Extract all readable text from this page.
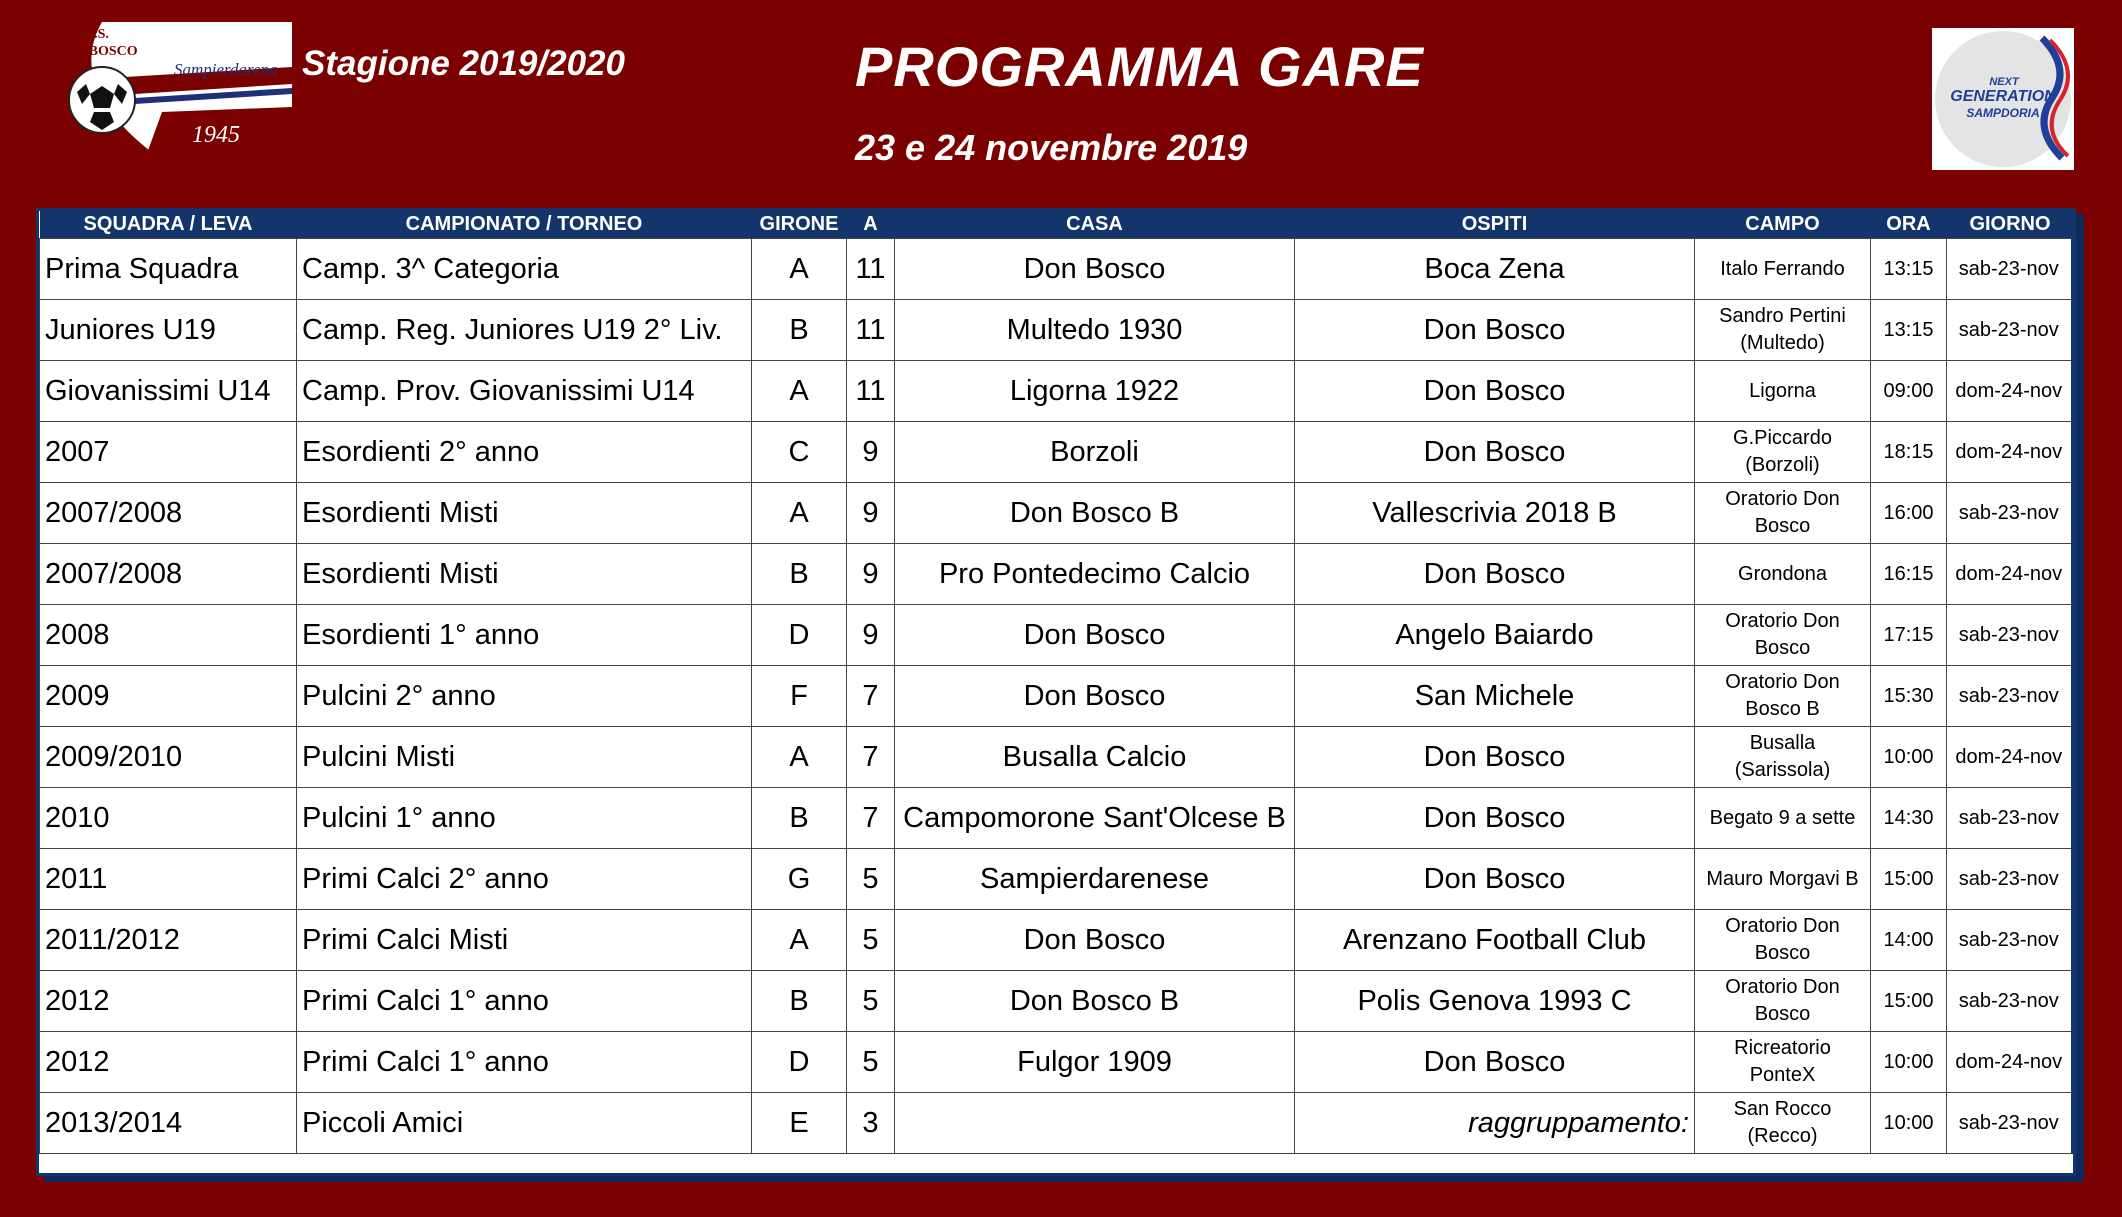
U.S.
DON BOSCO
Sampierdarena
1945
Stagione 2019/2020	PROGRAMMA GARE
23 e 24 novembre 2019
NEXT
GENERATION
SAMPDORIA
SQUADRA / LEVA	CAMPIONATO / TORNEO	GIRONE	A	CASA	OSPITI	CAMPO	ORA	GIORNO
Prima Squadra	Camp. 3^ Categoria	A	11	Don Bosco	Boca Zena	Italo Ferrando	13:15	sab-23-nov
Juniores U19	Camp. Reg. Juniores U19 2° Liv.	B	11	Multedo 1930	Don Bosco	Sandro Pertini (Multedo)	13:15	sab-23-nov
Giovanissimi U14	Camp. Prov. Giovanissimi U14	A	11	Ligorna 1922	Don Bosco	Ligorna	09:00	dom-24-nov
2007	Esordienti 2° anno	C	9	Borzoli	Don Bosco	G.Piccardo (Borzoli)	18:15	dom-24-nov
2007/2008	Esordienti Misti	A	9	Don Bosco B	Vallescrivia 2018 B	Oratorio Don Bosco	16:00	sab-23-nov
2007/2008	Esordienti Misti	B	9	Pro Pontedecimo Calcio	Don Bosco	Grondona	16:15	dom-24-nov
2008	Esordienti 1° anno	D	9	Don Bosco	Angelo Baiardo	Oratorio Don Bosco	17:15	sab-23-nov
2009	Pulcini 2° anno	F	7	Don Bosco	San Michele	Oratorio Don Bosco B	15:30	sab-23-nov
2009/2010	Pulcini Misti	A	7	Busalla Calcio	Don Bosco	Busalla (Sarissola)	10:00	dom-24-nov
2010	Pulcini 1° anno	B	7	Campomorone Sant'Olcese B	Don Bosco	Begato 9 a sette	14:30	sab-23-nov
2011	Primi Calci 2° anno	G	5	Sampierdarenese	Don Bosco	Mauro Morgavi B	15:00	sab-23-nov
2011/2012	Primi Calci Misti	A	5	Don Bosco	Arenzano Football Club	Oratorio Don Bosco	14:00	sab-23-nov
2012	Primi Calci 1° anno	B	5	Don Bosco B	Polis Genova 1993 C	Oratorio Don Bosco	15:00	sab-23-nov
2012	Primi Calci 1° anno	D	5	Fulgor 1909	Don Bosco	Ricreatorio PonteX	10:00	dom-24-nov
2013/2014	Piccoli Amici	E	3		raggruppamento:	San Rocco (Recco)	10:00	sab-23-nov
